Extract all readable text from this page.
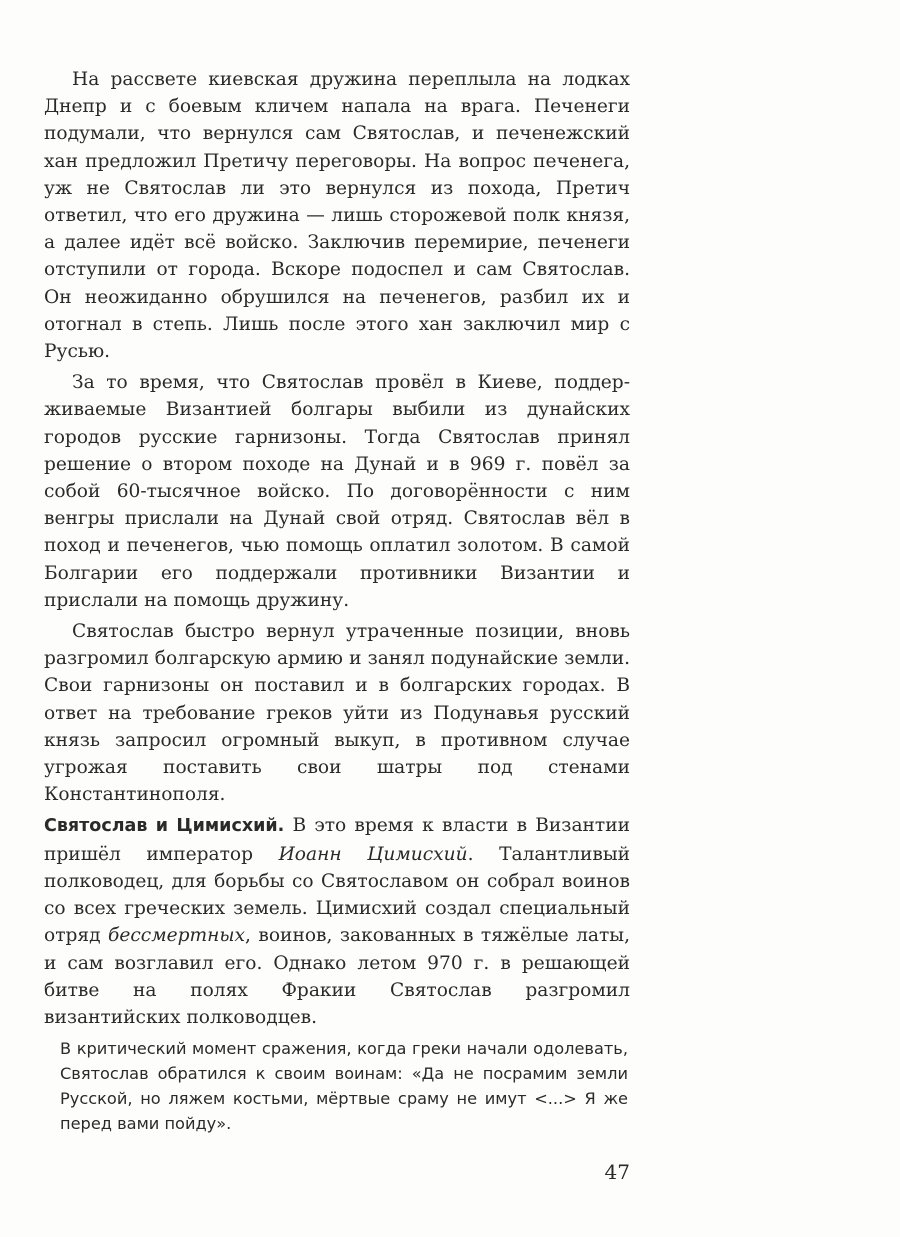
На рассвете киевская дружина переплыла на лодках Днепр и с боевым кличем напала на врага. Печенеги подумали, что вернулся сам Святослав, и печенежский хан предложил Претичу переговоры. На вопрос печенега, уж не Святослав ли это вернулся из похода, Претич ответил, что его дружина — лишь сторожевой полк князя, а далее идёт всё войско. Заключив перемирие, печенеги отступили от города. Вскоре подоспел и сам Святослав. Он неожиданно обрушился на печенегов, разбил их и отогнал в степь. Лишь после этого хан заключил мир с Русью.

За то время, что Святослав провёл в Киеве, поддерживаемые Византией болгары выбили из дунайских городов русские гарнизоны. Тогда Святослав принял решение о втором походе на Дунай и в 969 г. повёл за собой 60-тысячное войско. По договорённости с ним венгры прислали на Дунай свой отряд. Святослав вёл в поход и печенегов, чью помощь оплатил золотом. В самой Болгарии его поддержали противники Византии и прислали на помощь дружину.

Святослав быстро вернул утраченные позиции, вновь разгромил болгарскую армию и занял подунайские земли. Свои гарнизоны он поставил и в болгарских городах. В ответ на требование греков уйти из Подунавья русский князь запросил огромный выкуп, в противном случае угрожая поставить свои шатры под стенами Константинополя.

Святослав и Цимисхий. В это время к власти в Византии пришёл император Иоанн Цимисхий. Талантливый полководец, для борьбы со Святославом он собрал воинов со всех греческих земель. Цимисхий создал специальный отряд бессмертных, воинов, закованных в тяжёлые латы, и сам возглавил его. Однако летом 970 г. в решающей битве на полях Фракии Святослав разгромил византийских полководцев.

В критический момент сражения, когда греки начали одолевать, Святослав обратился к своим воинам: «Да не посрамим земли Русской, но ляжем костьми, мёртвые сраму не имут <...> Я же перед вами пойду».

47
